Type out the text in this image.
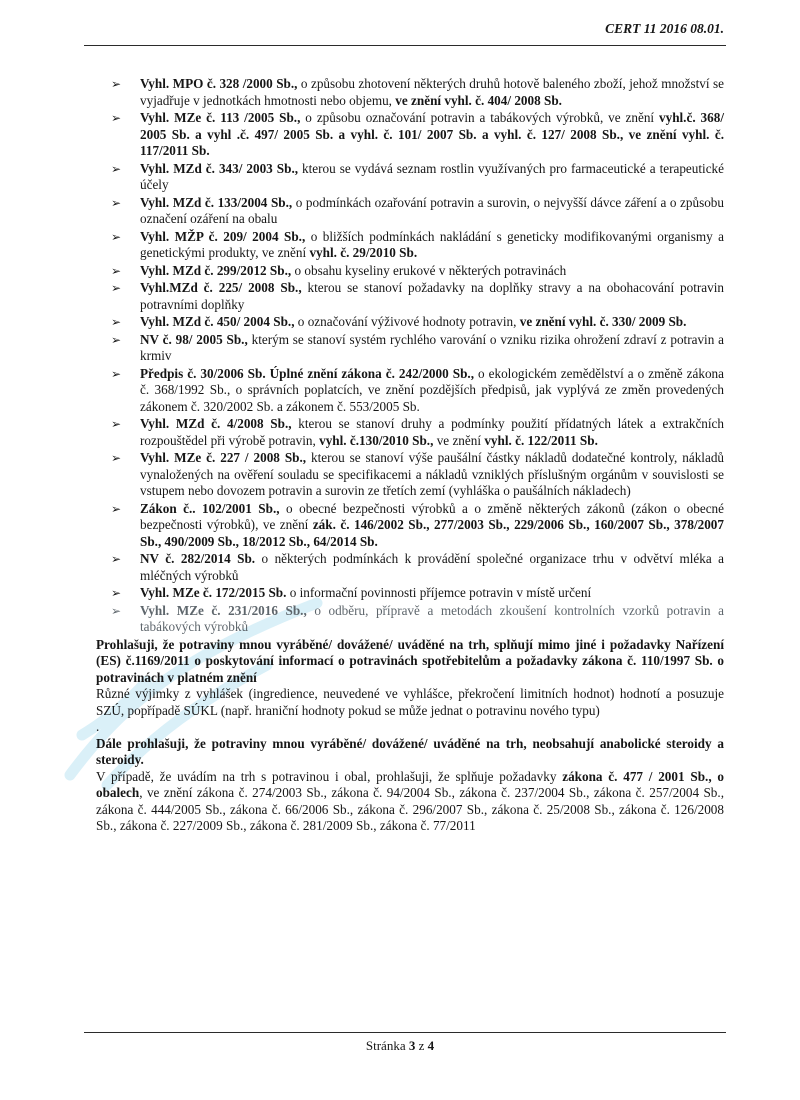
CERT 11 2016 08.01.
➢ Vyhl. MPO č. 328 /2000 Sb., o způsobu zhotovení některých druhů hotově baleného zboží, jehož množství se vyjadřuje v jednotkách hmotnosti nebo objemu, ve znění vyhl. č. 404/ 2008 Sb.
➢ Vyhl. MZe č. 113 /2005 Sb., o způsobu označování potravin a tabákových výrobků, ve znění vyhl.č. 368/ 2005 Sb. a vyhl .č. 497/ 2005 Sb. a vyhl. č. 101/ 2007 Sb. a vyhl. č. 127/ 2008 Sb., ve znění vyhl. č. 117/2011 Sb.
➢ Vyhl. MZd č. 343/ 2003 Sb., kterou se vydává seznam rostlin využívaných pro farmaceutické a terapeutické účely
➢ Vyhl. MZd č. 133/2004 Sb., o podmínkách ozařování potravin a surovin, o nejvyšší dávce záření a o způsobu označení ozáření na obalu
➢ Vyhl. MŽP č. 209/ 2004 Sb., o bližších podmínkách nakládání s geneticky modifikovanými organismy a genetickými produkty, ve znění vyhl. č. 29/2010 Sb.
➢ Vyhl. MZd č. 299/2012 Sb., o obsahu kyseliny erukové v některých potravinách
➢ Vyhl.MZd č. 225/ 2008 Sb., kterou se stanoví požadavky na doplňky stravy a na obohacování potravin potravními doplňky
➢ Vyhl. MZd č. 450/ 2004 Sb., o označování výživové hodnoty potravin, ve znění vyhl. č. 330/ 2009 Sb.
➢ NV č. 98/ 2005 Sb., kterým se stanoví systém rychlého varování o vzniku rizika ohrožení zdraví z potravin a krmiv
➢ Předpis č. 30/2006 Sb. Úplné znění zákona č. 242/2000 Sb., o ekologickém zemědělství a o změně zákona č. 368/1992 Sb., o správních poplatcích, ve znění pozdějších předpisů, jak vyplývá ze změn provedených zákonem č. 320/2002 Sb. a zákonem č. 553/2005 Sb.
➢ Vyhl. MZd č. 4/2008 Sb., kterou se stanoví druhy a podmínky použití přídatných látek a extrakčních rozpouštědel při výrobě potravin, vyhl. č.130/2010 Sb., ve znění vyhl. č. 122/2011 Sb.
➢ Vyhl. MZe č. 227 / 2008 Sb., kterou se stanoví výše paušální částky nákladů dodatečné kontroly, nákladů vynaložených na ověření souladu se specifikacemi a nákladů vzniklých příslušným orgánům v souvislosti se vstupem nebo dovozem potravin a surovin ze třetích zemí (vyhláška o paušálních nákladech)
➢ Zákon č.. 102/2001 Sb., o obecné bezpečnosti výrobků a o změně některých zákonů (zákon o obecné bezpečnosti výrobků), ve znění zák. č. 146/2002 Sb., 277/2003 Sb., 229/2006 Sb., 160/2007 Sb., 378/2007 Sb., 490/2009 Sb., 18/2012 Sb., 64/2014 Sb.
➢ NV č. 282/2014 Sb. o některých podmínkách k provádění společné organizace trhu v odvětví mléka a mléčných výrobků
➢ Vyhl. MZe č. 172/2015 Sb. o informační povinnosti příjemce potravin v místě určení
➢ Vyhl. MZe č. 231/2016 Sb., o odběru, přípravě a metodách zkoušení kontrolních vzorků potravin a tabákových výrobků

Prohlašuji, že potraviny mnou vyráběné/ dovážené/ uváděné na trh, splňují mimo jiné i požadavky Nařízení (ES) č.1169/2011 o poskytování informací o potravinách spotřebitelům a požadavky zákona č. 110/1997 Sb. o potravinách v platném znění

Různé výjimky z vyhlášek (ingredience, neuvedené ve vyhlášce, překročení limitních hodnot) hodnotí a posuzuje SZÚ, popřípadě SÚKL (např. hraniční hodnoty pokud se může jednat o potravinu nového typu)

.

Dále prohlašuji, že potraviny mnou vyráběné/ dovážené/ uváděné na trh, neobsahují anabolické steroidy a steroidy.

V případě, že uvádím na trh s potravinou i obal, prohlašuji, že splňuje požadavky zákona č. 477 / 2001 Sb., o obalech, ve znění zákona č. 274/2003 Sb., zákona č. 94/2004 Sb., zákona č. 237/2004 Sb., zákona č. 257/2004 Sb., zákona č. 444/2005 Sb., zákona č. 66/2006 Sb., zákona č. 296/2007 Sb., zákona č. 25/2008 Sb., zákona č. 126/2008 Sb., zákona č. 227/2009 Sb., zákona č. 281/2009 Sb., zákona č. 77/2011

Stránka 3 z 4
